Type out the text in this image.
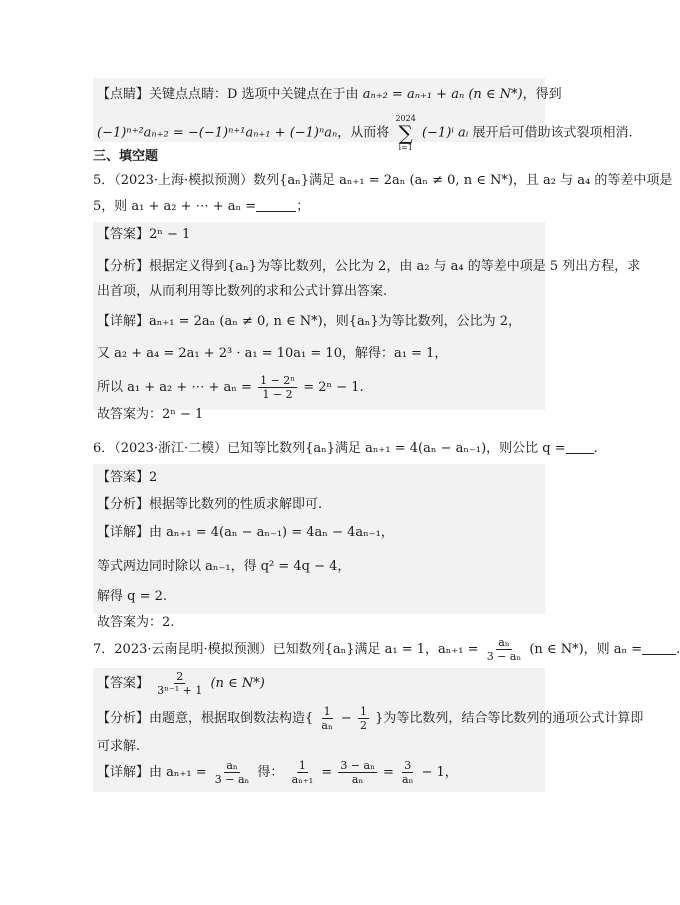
【点睛】关键点点睛：D 选项中关键点在于由 aₙ₊₂ = aₙ₊₁ + aₙ (n ∈ N*)，得到
(−1)ⁿ⁺²aₙ₊₂ = −(−1)ⁿ⁺¹aₙ₊₁ + (−1)ⁿaₙ，从而将
2024
∑
i=1
(−1)ⁱ aᵢ 展开后可借助该式裂项相消.
三、填空题
5．（2023·上海·模拟预测）数列{aₙ}满足 aₙ₊₁ = 2aₙ (aₙ ≠ 0, n ∈ N*)，且 a₂ 与 a₄ 的等差中项是
5，则 a₁ + a₂ + ⋯ + aₙ =	；
【答案】2ⁿ − 1
【分析】根据定义得到{aₙ}为等比数列，公比为 2，由 a₂ 与 a₄ 的等差中项是 5 列出方程，求
出首项，从而利用等比数列的求和公式计算出答案.
【详解】aₙ₊₁ = 2aₙ (aₙ ≠ 0, n ∈ N*)，则{aₙ}为等比数列，公比为 2，
又 a₂ + a₄ = 2a₁ + 2³ · a₁ = 10a₁ = 10，解得：a₁ = 1，
所以 a₁ + a₂ + ⋯ + $a_n = \frac{\text{1 − 2ⁿ}}{1 - 2} = 2^n - 1$.
故答案为：2ⁿ − 1
6．（2023·浙江·二模）已知等比数列{aₙ}满足 aₙ₊₁ = 4(aₙ − aₙ₋₁)，则公比 q = .
【答案】2
【分析】根据等比数列的性质求解即可.
【详解】由 aₙ₊₁ = 4(aₙ − aₙ₋₁) = 4aₙ − 4aₙ₋₁，
等式两边同时除以 aₙ₋₁，得 q² = 4q − 4，
解得 q = 2.
故答案为：2.
7．2023·云南昆明·模拟预测）已知数列{aₙ}满足 a₁ = 1，$a_{n+1} = \frac{\text{aₙ}}{\text{3 − aₙ}} (n$ ∈ N*)，则 aₙ =	.
【答案】 $\frac{2}{\text{3ⁿ⁻¹ + 1}} (n$ ∈ N*)
【分析】由题意，根据取倒数法构造{ $\frac{1}{\text{aₙ}} - \frac{1}{2}$ }为等比数列，结合等比数列的通项公式计算即
可求解.
【详解】由 $a_{n+1} = \frac{\text{aₙ}}{\text{3 − aₙ}}$ 得： $\frac{1}{\text{aₙ₊₁}} = \frac{\text{3 − aₙ}}{\text{aₙ}} = \frac{3}{\text{aₙ}} - 1$，
